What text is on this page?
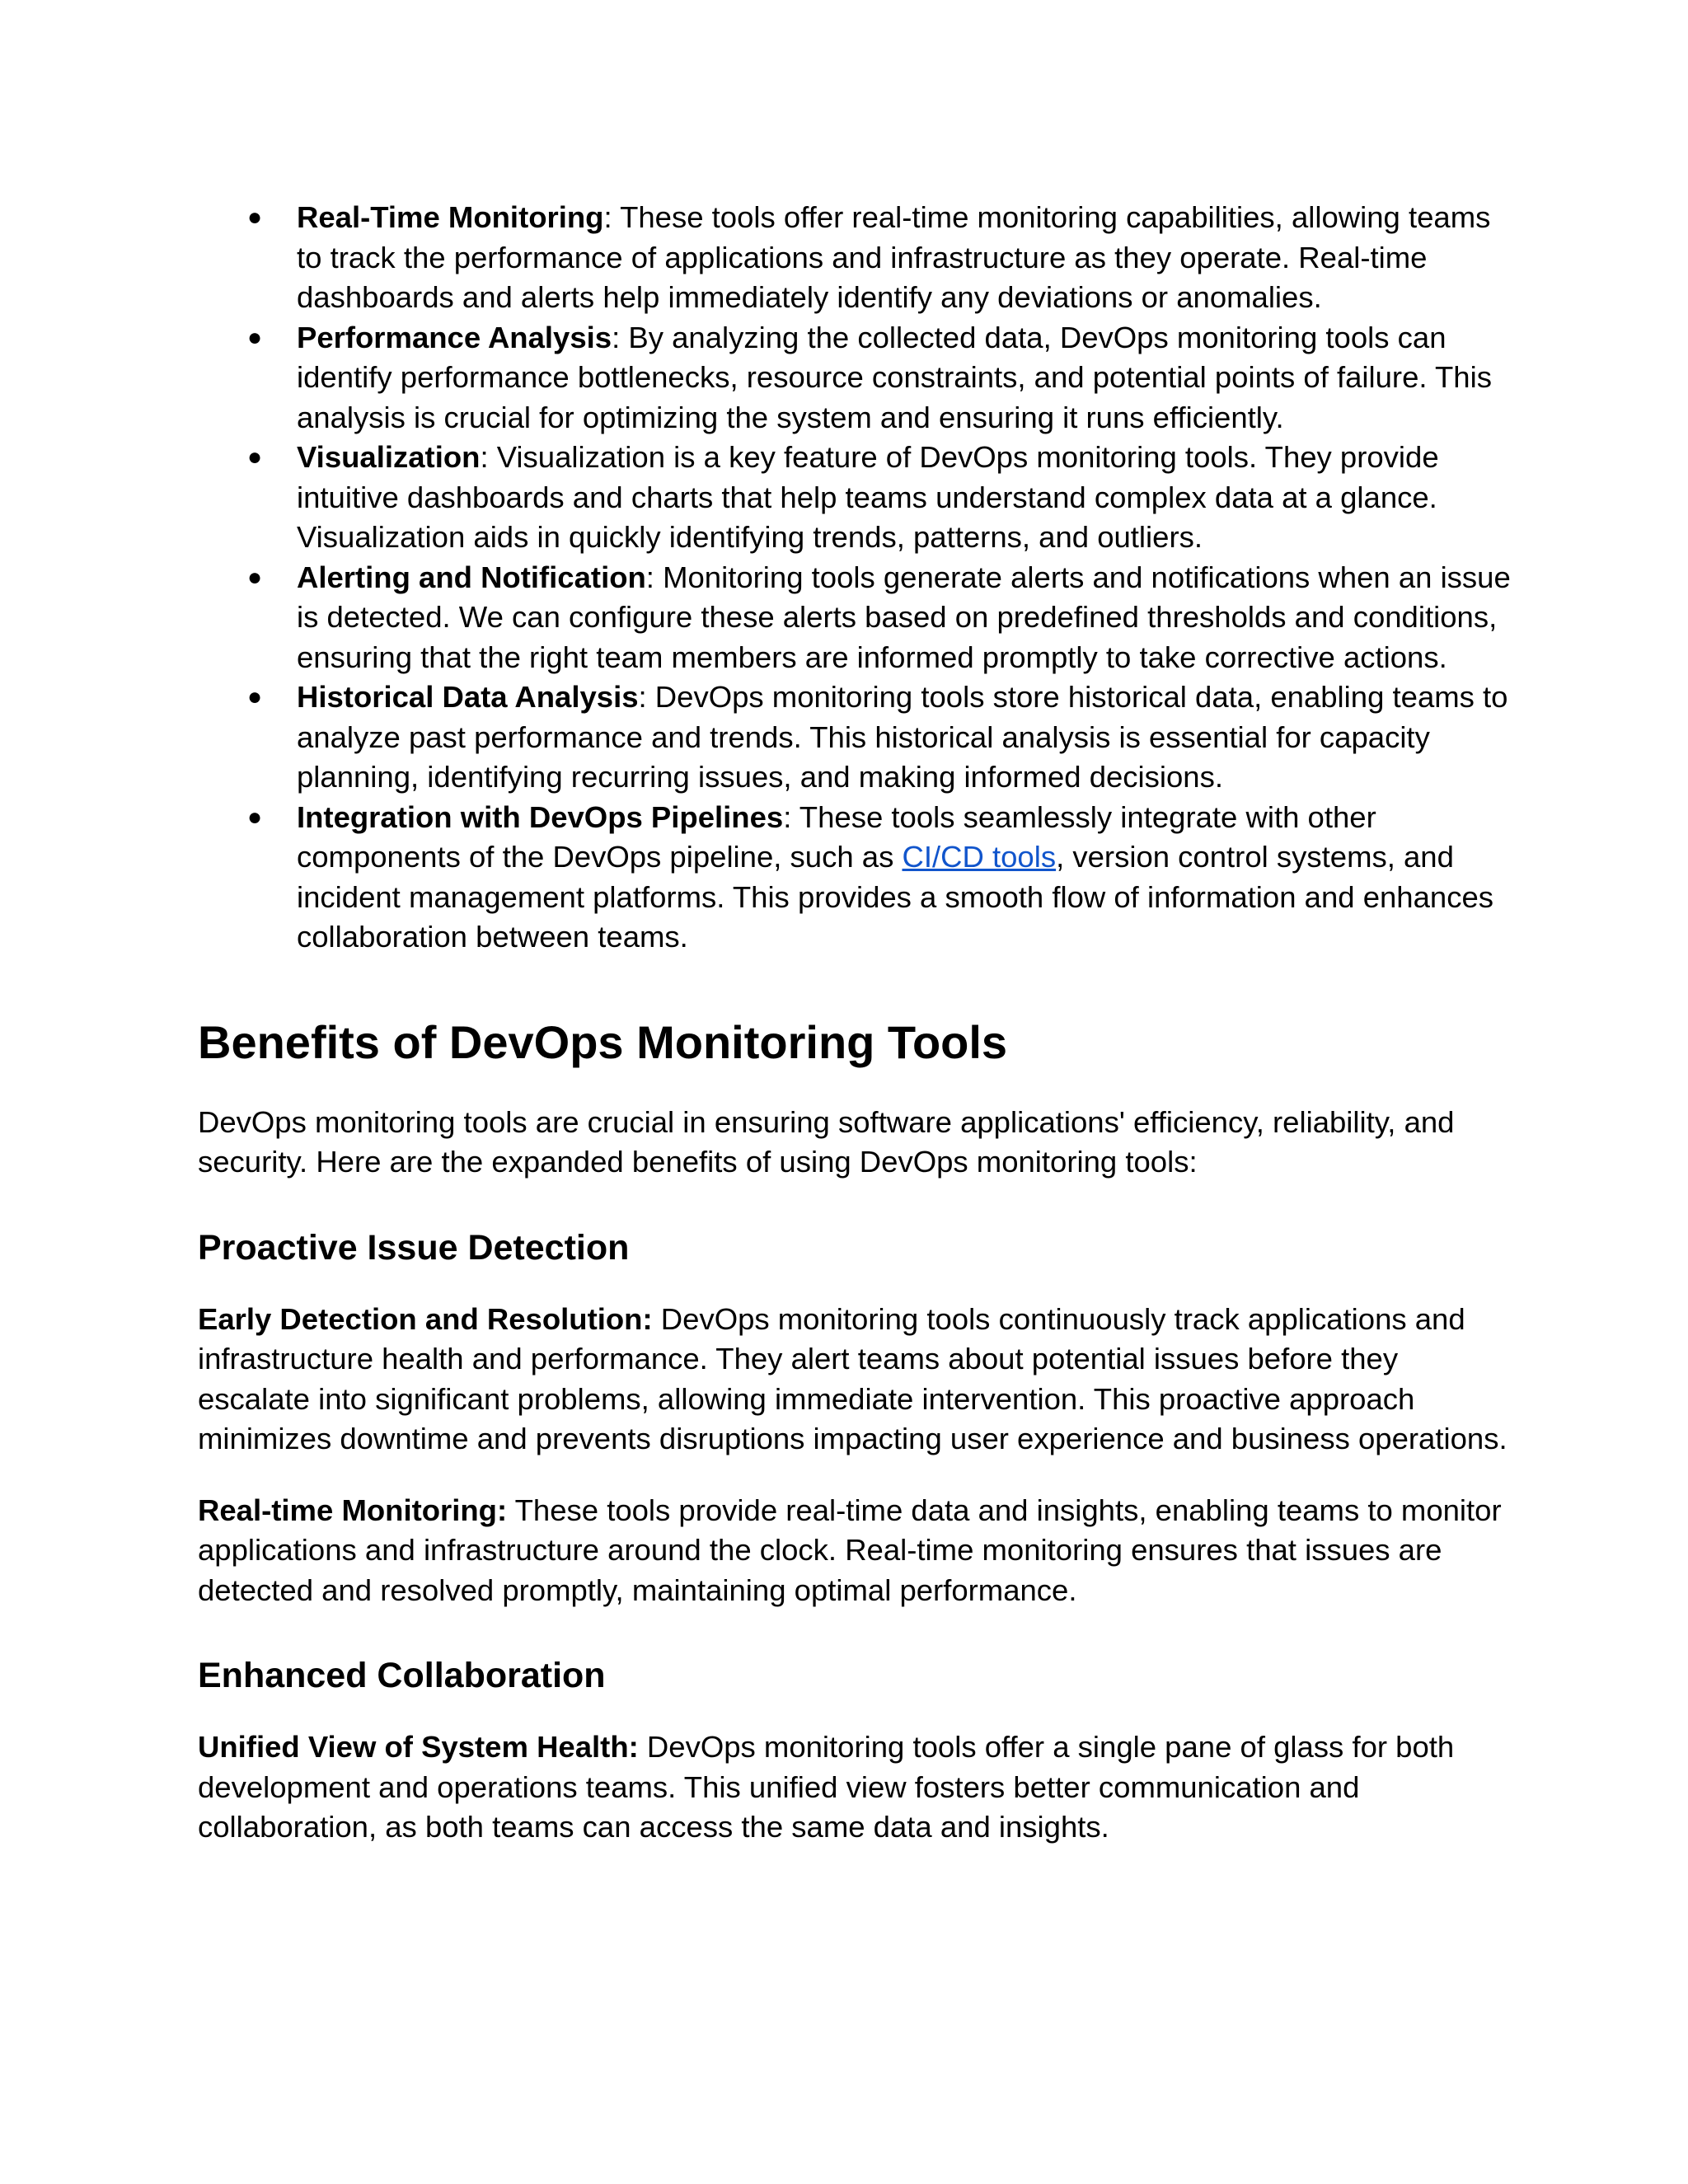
● Real-Time Monitoring: These tools offer real-time monitoring capabilities, allowing teams to track the performance of applications and infrastructure as they operate. Real-time dashboards and alerts help immediately identify any deviations or anomalies.
● Performance Analysis: By analyzing the collected data, DevOps monitoring tools can identify performance bottlenecks, resource constraints, and potential points of failure. This analysis is crucial for optimizing the system and ensuring it runs efficiently.
● Visualization: Visualization is a key feature of DevOps monitoring tools. They provide intuitive dashboards and charts that help teams understand complex data at a glance. Visualization aids in quickly identifying trends, patterns, and outliers.
● Alerting and Notification: Monitoring tools generate alerts and notifications when an issue is detected. We can configure these alerts based on predefined thresholds and conditions, ensuring that the right team members are informed promptly to take corrective actions.
● Historical Data Analysis: DevOps monitoring tools store historical data, enabling teams to analyze past performance and trends. This historical analysis is essential for capacity planning, identifying recurring issues, and making informed decisions.
● Integration with DevOps Pipelines: These tools seamlessly integrate with other components of the DevOps pipeline, such as CI/CD tools, version control systems, and incident management platforms. This provides a smooth flow of information and enhances collaboration between teams.
Benefits of DevOps Monitoring Tools

DevOps monitoring tools are crucial in ensuring software applications' efficiency, reliability, and security. Here are the expanded benefits of using DevOps monitoring tools:

Proactive Issue Detection

Early Detection and Resolution: DevOps monitoring tools continuously track applications and infrastructure health and performance. They alert teams about potential issues before they escalate into significant problems, allowing immediate intervention. This proactive approach minimizes downtime and prevents disruptions impacting user experience and business operations.

Real-time Monitoring: These tools provide real-time data and insights, enabling teams to monitor applications and infrastructure around the clock. Real-time monitoring ensures that issues are detected and resolved promptly, maintaining optimal performance.

Enhanced Collaboration

Unified View of System Health: DevOps monitoring tools offer a single pane of glass for both development and operations teams. This unified view fosters better communication and collaboration, as both teams can access the same data and insights.
